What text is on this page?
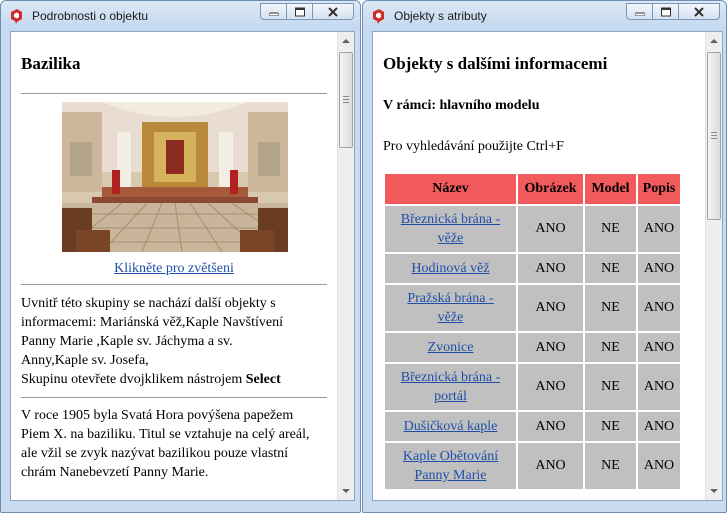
Podrobnosti o objektu
Bazilika
Klikněte pro zvětšeni
Uvnitř této skupiny se nachází další objekty s
informacemi: Mariánská věž,Kaple Navštívení
Panny Marie ,Kaple sv. Jáchyma a sv.
Anny,Kaple sv. Josefa,
Skupinu otevřete dvojklikem nástrojem Select
V roce 1905 byla Svatá Hora povýšena papežem
Piem X. na baziliku. Titul se vztahuje na celý areál,
ale vžil se zvyk nazývat bazilikou pouze vlastní
chrám Nanebevzetí Panny Marie.
Objekty s atributy
Objekty s dalšími informacemi
V rámci: hlavního modelu
Pro vyhledávání použijte Ctrl+F
Název	Obrázek	Model	Popis
Březnická brána -
věže	ANO	NE	ANO
Hodinová věž	ANO	NE	ANO
Pražská brána -
věže	ANO	NE	ANO
Zvonice	ANO	NE	ANO
Březnická brána -
portál	ANO	NE	ANO
Dušičková kaple	ANO	NE	ANO
Kaple Obětování
Panny Marie	ANO	NE	ANO
